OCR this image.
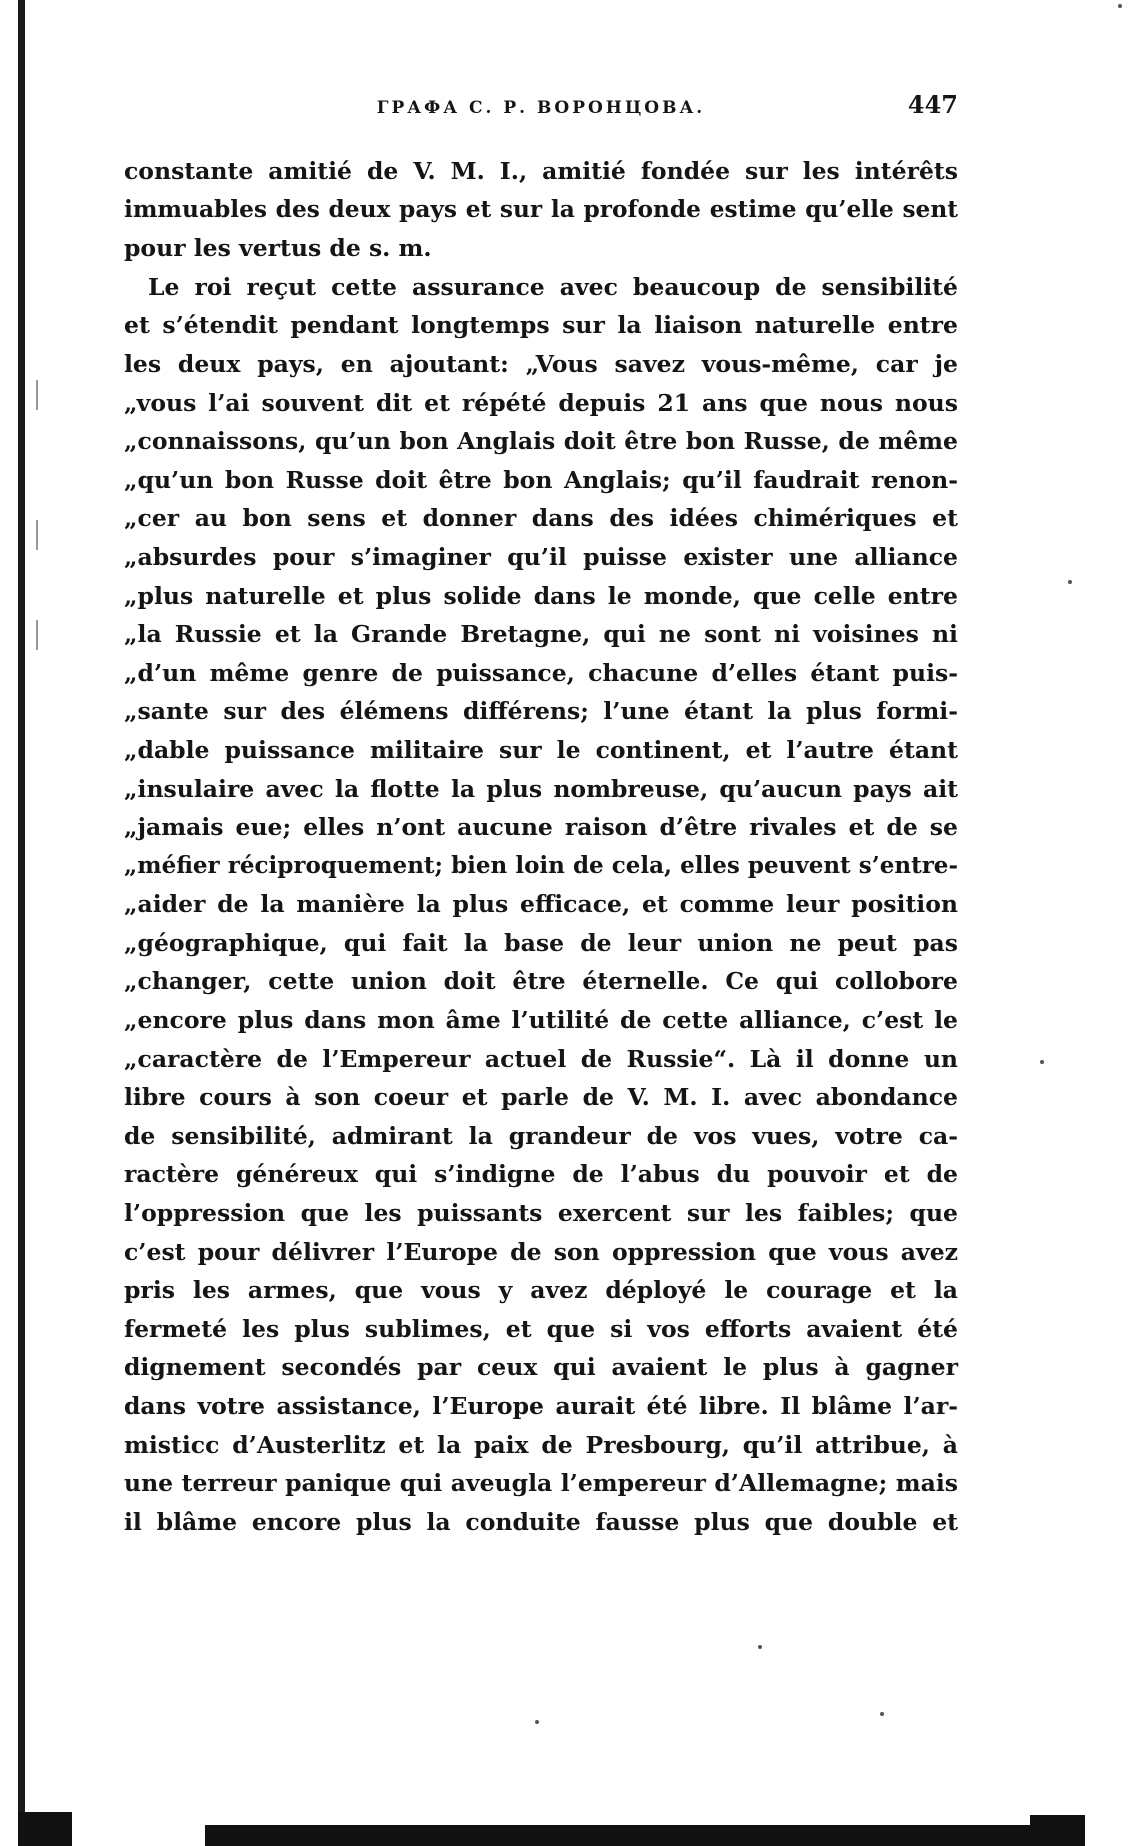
ГРАФА С. Р. ВОРОНЦОВА.	447
constante amitié de V. M. I., amitié fondée sur les intérêts
immuables des deux pays et sur la profonde estime qu’elle sent
pour les vertus de s. m.
Le roi reçut cette assurance avec beaucoup de sensibilité
et s’étendit pendant longtemps sur la liaison naturelle entre
les deux pays, en ajoutant: „Vous savez vous-même, car je
„vous l’ai souvent dit et répété depuis 21 ans que nous nous
„connaissons, qu’un bon Anglais doit être bon Russe, de même
„qu’un bon Russe doit être bon Anglais; qu’il faudrait renon-
„cer au bon sens et donner dans des idées chimériques et
„absurdes pour s’imaginer qu’il puisse exister une alliance
„plus naturelle et plus solide dans le monde, que celle entre
„la Russie et la Grande Bretagne, qui ne sont ni voisines ni
„d’un même genre de puissance, chacune d’elles étant puis-
„sante sur des élémens différens; l’une étant la plus formi-
„dable puissance militaire sur le continent, et l’autre étant
„insulaire avec la flotte la plus nombreuse, qu’aucun pays ait
„jamais eue; elles n’ont aucune raison d’être rivales et de se
„méfier réciproquement; bien loin de cela, elles peuvent s’entre-
„aider de la manière la plus efficace, et comme leur position
„géographique, qui fait la base de leur union ne peut pas
„changer, cette union doit être éternelle. Ce qui collobore
„encore plus dans mon âme l’utilité de cette alliance, c’est le
„caractère de l’Empereur actuel de Russie“. Là il donne un
libre cours à son coeur et parle de V. M. I. avec abondance
de sensibilité, admirant la grandeur de vos vues, votre ca-
ractère généreux qui s’indigne de l’abus du pouvoir et de
l’oppression que les puissants exercent sur les faibles; que
c’est pour délivrer l’Europe de son oppression que vous avez
pris les armes, que vous y avez déployé le courage et la
fermeté les plus sublimes, et que si vos efforts avaient été
dignement secondés par ceux qui avaient le plus à gagner
dans votre assistance, l’Europe aurait été libre. Il blâme l’ar-
misticc d’Austerlitz et la paix de Presbourg, qu’il attribue, à
une terreur panique qui aveugla l’empereur d’Allemagne; mais
il blâme encore plus la conduite fausse plus que double et
